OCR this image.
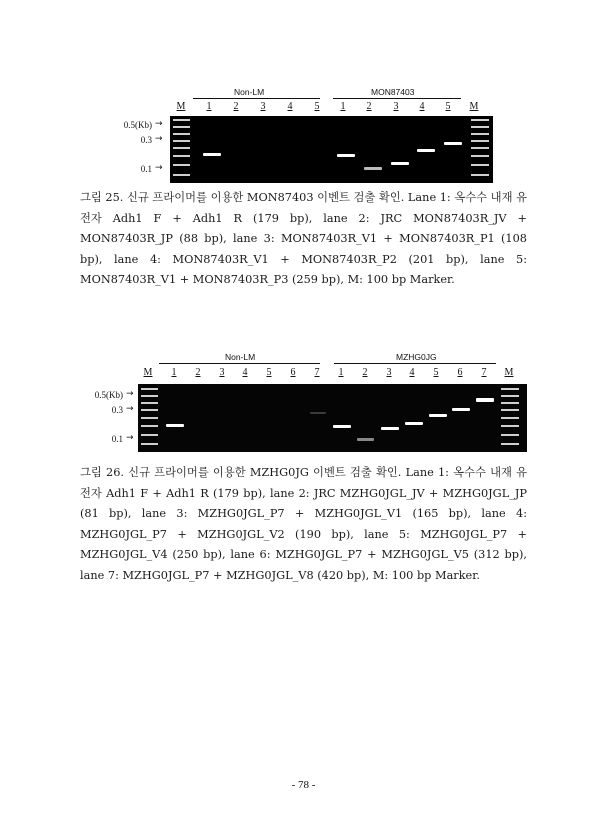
Non-LM	MON87403
M	1	2	3	4	5	1	2	3	4	5	M
0.5(Kb) →
0.3 →
0.1 →

그림 25. 신규 프라이머를 이용한 MON87403 이벤트 검출 확인. Lane 1: 옥수수 내재 유전자 Adh1 F + Adh1 R (179 bp), lane 2: JRC MON87403R_JV + MON87403R_JP (88 bp), lane 3: MON87403R_V1 + MON87403R_P1 (108 bp), lane 4: MON87403R_V1 + MON87403R_P2 (201 bp), lane 5: MON87403R_V1 + MON87403R_P3 (259 bp), M: 100 bp Marker.

Non-LM	MZHG0JG
M	1	2	3	4	5	6	7	1	2	3	4	5	6	7	M
0.5(Kb) →
0.3 →
0.1 →

그림 26. 신규 프라이머를 이용한 MZHG0JG 이벤트 검출 확인. Lane 1: 옥수수 내재 유전자 Adh1 F + Adh1 R (179 bp), lane 2: JRC MZHG0JGL_JV + MZHG0JGL_JP (81 bp), lane 3: MZHG0JGL_P7 + MZHG0JGL_V1 (165 bp), lane 4: MZHG0JGL_P7 + MZHG0JGL_V2 (190 bp), lane 5: MZHG0JGL_P7 + MZHG0JGL_V4 (250 bp), lane 6: MZHG0JGL_P7 + MZHG0JGL_V5 (312 bp), lane 7: MZHG0JGL_P7 + MZHG0JGL_V8 (420 bp), M: 100 bp Marker.

- 78 -
